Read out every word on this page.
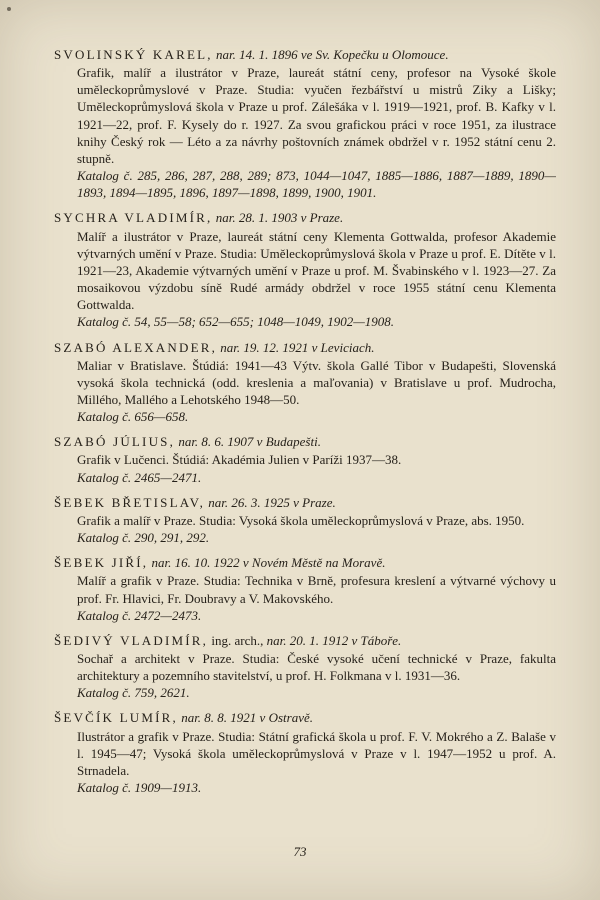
SVOLINSKÝ KAREL, nar. 14. 1. 1896 ve Sv. Kopečku u Olomouce.

Grafik, malíř a ilustrátor v Praze, laureát státní ceny, profesor na Vysoké škole uměleckoprůmyslové v Praze. Studia: vyučen řezbářství u mistrů Ziky a Lišky; Uměleckoprůmyslová škola v Praze u prof. Zálešáka v l. 1919—1921, prof. B. Kafky v l. 1921—22, prof. F. Kysely do r. 1927. Za svou grafickou práci v roce 1951, za ilustrace knihy Český rok — Léto a za návrhy poštovních známek obdržel v r. 1952 státní cenu 2. stupně.

Katalog č. 285, 286, 287, 288, 289; 873, 1044—1047, 1885—1886, 1887—1889, 1890—1893, 1894—1895, 1896, 1897—1898, 1899, 1900, 1901.

SYCHRA VLADIMÍR, nar. 28. 1. 1903 v Praze.

Malíř a ilustrátor v Praze, laureát státní ceny Klementa Gottwalda, profesor Akademie výtvarných umění v Praze. Studia: Uměleckoprůmyslová škola v Praze u prof. E. Dítěte v l. 1921—23, Akademie výtvarných umění v Praze u prof. M. Švabinského v l. 1923—27. Za mosaikovou výzdobu síně Rudé armády obdržel v roce 1955 státní cenu Klementa Gottwalda.

Katalog č. 54, 55—58; 652—655; 1048—1049, 1902—1908.

SZABÓ ALEXANDER, nar. 19. 12. 1921 v Leviciach.

Maliar v Bratislave. Štúdiá: 1941—43 Výtv. škola Gallé Tibor v Budapešti, Slovenská vysoká škola technická (odd. kreslenia a maľovania) v Bratislave u prof. Mudrocha, Millého, Mallého a Lehotského 1948—50.

Katalog č. 656—658.

SZABÓ JÚLIUS, nar. 8. 6. 1907 v Budapešti.

Grafik v Lučenci. Štúdiá: Akadémia Julien v Paríži 1937—38.

Katalog č. 2465—2471.

ŠEBEK BŘETISLAV, nar. 26. 3. 1925 v Praze.

Grafik a malíř v Praze. Studia: Vysoká škola uměleckoprůmyslová v Praze, abs. 1950.

Katalog č. 290, 291, 292.

ŠEBEK JIŘÍ, nar. 16. 10. 1922 v Novém Městě na Moravě.

Malíř a grafik v Praze. Studia: Technika v Brně, profesura kreslení a výtvarné výchovy u prof. Fr. Hlavici, Fr. Doubravy a V. Makovského.

Katalog č. 2472—2473.

ŠEDIVÝ VLADIMÍR, ing. arch., nar. 20. 1. 1912 v Táboře.

Sochař a architekt v Praze. Studia: České vysoké učení technické v Praze, fakulta architektury a pozemního stavitelství, u prof. H. Folkmana v l. 1931—36.

Katalog č. 759, 2621.

ŠEVČÍK LUMÍR, nar. 8. 8. 1921 v Ostravě.

Ilustrátor a grafik v Praze. Studia: Státní grafická škola u prof. F. V. Mokrého a Z. Balaše v l. 1945—47; Vysoká škola uměleckoprůmyslová v Praze v l. 1947—1952 u prof. A. Strnadela.

Katalog č. 1909—1913.

73
